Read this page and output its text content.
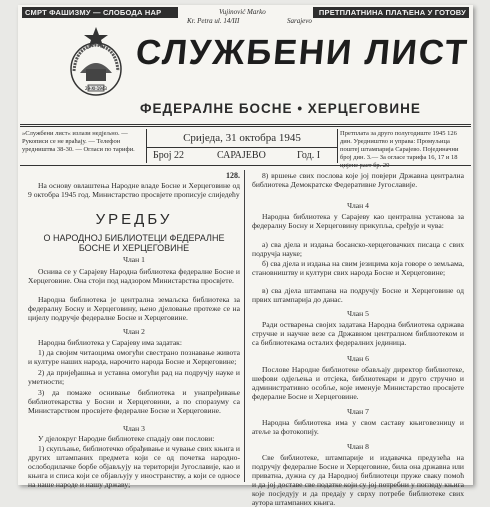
СМРТ ФАШИЗМУ — СЛОБОДА НАР	Vujinović Marko
Kr. Petra ul. 14/III	Sarajevo
ПРЕТПЛАТНИНА ПЛАЋЕНА У ГОТОВУ
29-XI-1943
СЛУЖБЕНИ ЛИСТ
ФЕДЕРАЛНЕ БОСНЕ • ХЕРЦЕГОВИНЕ
»Службени лист« излази недјељно. — Рукописи се не враћају. — Телефон уредништва 38-30. — Огласи по тарифи.
Сриједа, 31 октобра 1945
Број 22	САРАЈЕВО	Год. I
Претплата за друго полугодиште 1945 126 дин. Уредништво и управа: Промуљица поштеј штампарија Сарајево. Појединачни број дин. 3.— За огласе тарифа 16, 17 и 18
128.
На основу овлаштења Народне владе Босне и Херцеговине од 9 октобра 1945 год. Министарство просвјете прописује слиједећу
УРЕДБУ
О НАРОДНОЈ БИБЛИОТЕЦИ ФЕДЕРАЛНЕ БОСНЕ И ХЕРЦЕГОВИНЕ
Члан 1
Оснива се у Сарајеву Народна библиотека федералне Босне и Херцеговине. Она стоји под надзором Министарства просвјете.
Народна библиотека је централна земаљска библиотека за федералну Босну и Херцеговину, њено дјеловање протеже се на цијелу подручје федералне Босне и Херцеговине.
Члан 2
Народна библиотека у Сарајеву има задатак:
1) да својим читаоцима омогући свестрано познавање живота и културе наших народа, нарочито народа Босне и Херцеговине;
2) да пријеђашња и уставна омогући рад на подручју науке и уметности;
3) да помаже оснивање библиотека и унапређивање библиотекарства у Босни и Херцеговини, а по споразуму са Министарством просвјете федералне Босне и Херцеговине.
Члан 3
У дјелокруг Народне библиотеке спадају ови послови:
1) скупљање, библиотечко обрађивање и чување свих књига и других штампаних предмета који се од почетка народно-ослободилачке борбе објављују на територији Југославије, као и књига и списа који се објављују у иностранству, а који се односе на наше народе и нашу државу;
8) вршење свих послова које јој повјери Државна централна библиотека Демократске Федеративне Југославије.
Члан 4
Народна библиотека у Сарајеву као централна установа за федералну Босну и Херцеговину прикупља, сређује и чува:
а) сва дјела и издања босанско-херцеговачких писаца с свих подручја науке;
б) сва дјела и издања на свим језицима која говоре о земљама, становништву и култури свих народа Босне и Херцеговине;
в) сва дјела штампана на подручју Босне и Херцеговине од првих штампарија до данас.
Члан 5
Ради остварења својих задатака Народна библиотека одржава стручне и научне везе са Државном централном библиотеком и са библиотекама осталих федералних јединица.
Члан 6
Послове Народне библиотеке обављају директор библиотеке, шефови одјељења и отсјека, библиотекари и друго стручно и административно особље, које именује Министарство просвјете федералне Босне и Херцеговине.
Члан 7
Народна библиотека има у свом саставу књиговезницу и атеље за фотокопију.
Члан 8
Све библиотеке, штампарије и издавачка предузећа на подручју федералне Босне и Херцеговине, била она државна или приватна, дужна су да Народној библиотеци пруже сваку помоћ и да јој доставе све податке који су јој потребни у погледу књига које посједују и да предају у сврху потребе библиотеке свих аутора штампаних књига.
